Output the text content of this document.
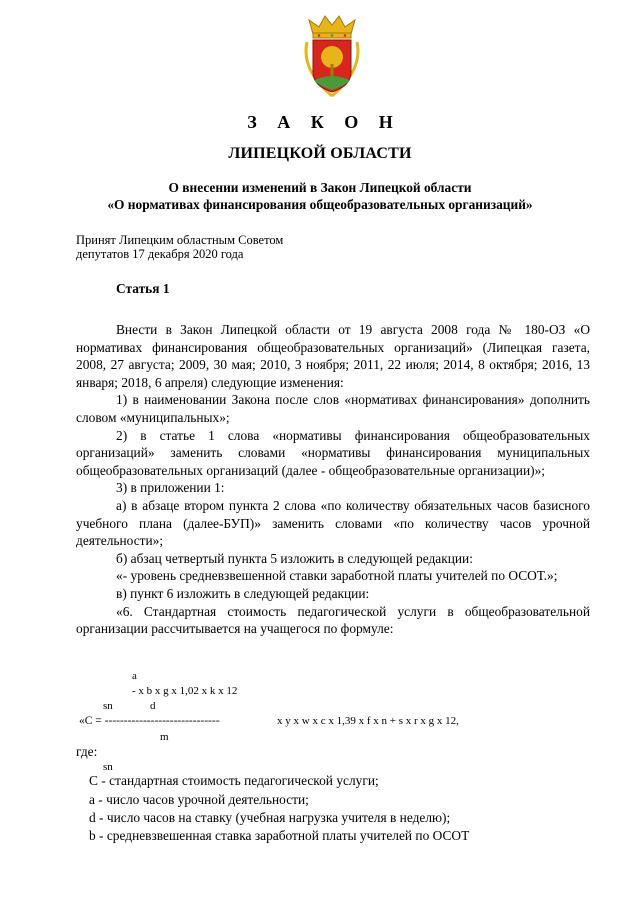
З А К О Н
ЛИПЕЦКОЙ ОБЛАСТИ
О внесении изменений в Закон Липецкой области
«О нормативах финансирования общеобразовательных организаций»
Принят Липецким областным Советом
депутатов 17 декабря 2020 года
Статья 1

Внести в Закон Липецкой области от 19 августа 2008 года № 180-ОЗ «О нормативах финансирования общеобразовательных организаций» (Липецкая газета, 2008, 27 августа; 2009, 30 мая; 2010, 3 ноября; 2011, 22 июля; 2014, 8 октября; 2016, 13 января; 2018, 6 апреля) следующие изменения:

1) в наименовании Закона после слов «нормативах финансирования» дополнить словом «муниципальных»;

2) в статье 1 слова «нормативы финансирования общеобразовательных организаций» заменить словами «нормативы финансирования муниципальных общеобразовательных организаций (далее - общеобразовательные организации)»;

3) в приложении 1:

а) в абзаце втором пункта 2 слова «по количеству обязательных часов базисного учебного плана (далее-БУП)» заменить словами «по количеству часов урочной деятельности»;

б) абзац четвертый пункта 5 изложить в следующей редакции:

«- уровень средневзвешенной ставки заработной платы учителей по ОСОТ.»;

в) пункт 6 изложить в следующей редакции:

«6. Стандартная стоимость педагогической услуги в общеобразовательной организации рассчитывается на учащегося по формуле:

а
- x b x g x 1,02 x k x 12
sn	d
«С = ------------------------------	x y x w x c x 1,39 x f x n + s x r x g x 12,
m
где:
sn
С - стандартная стоимость педагогической услуги;
а - число часов урочной деятельности;
d - число часов на ставку (учебная нагрузка учителя в неделю);
b - средневзвешенная ставка заработной платы учителей по ОСОТ
